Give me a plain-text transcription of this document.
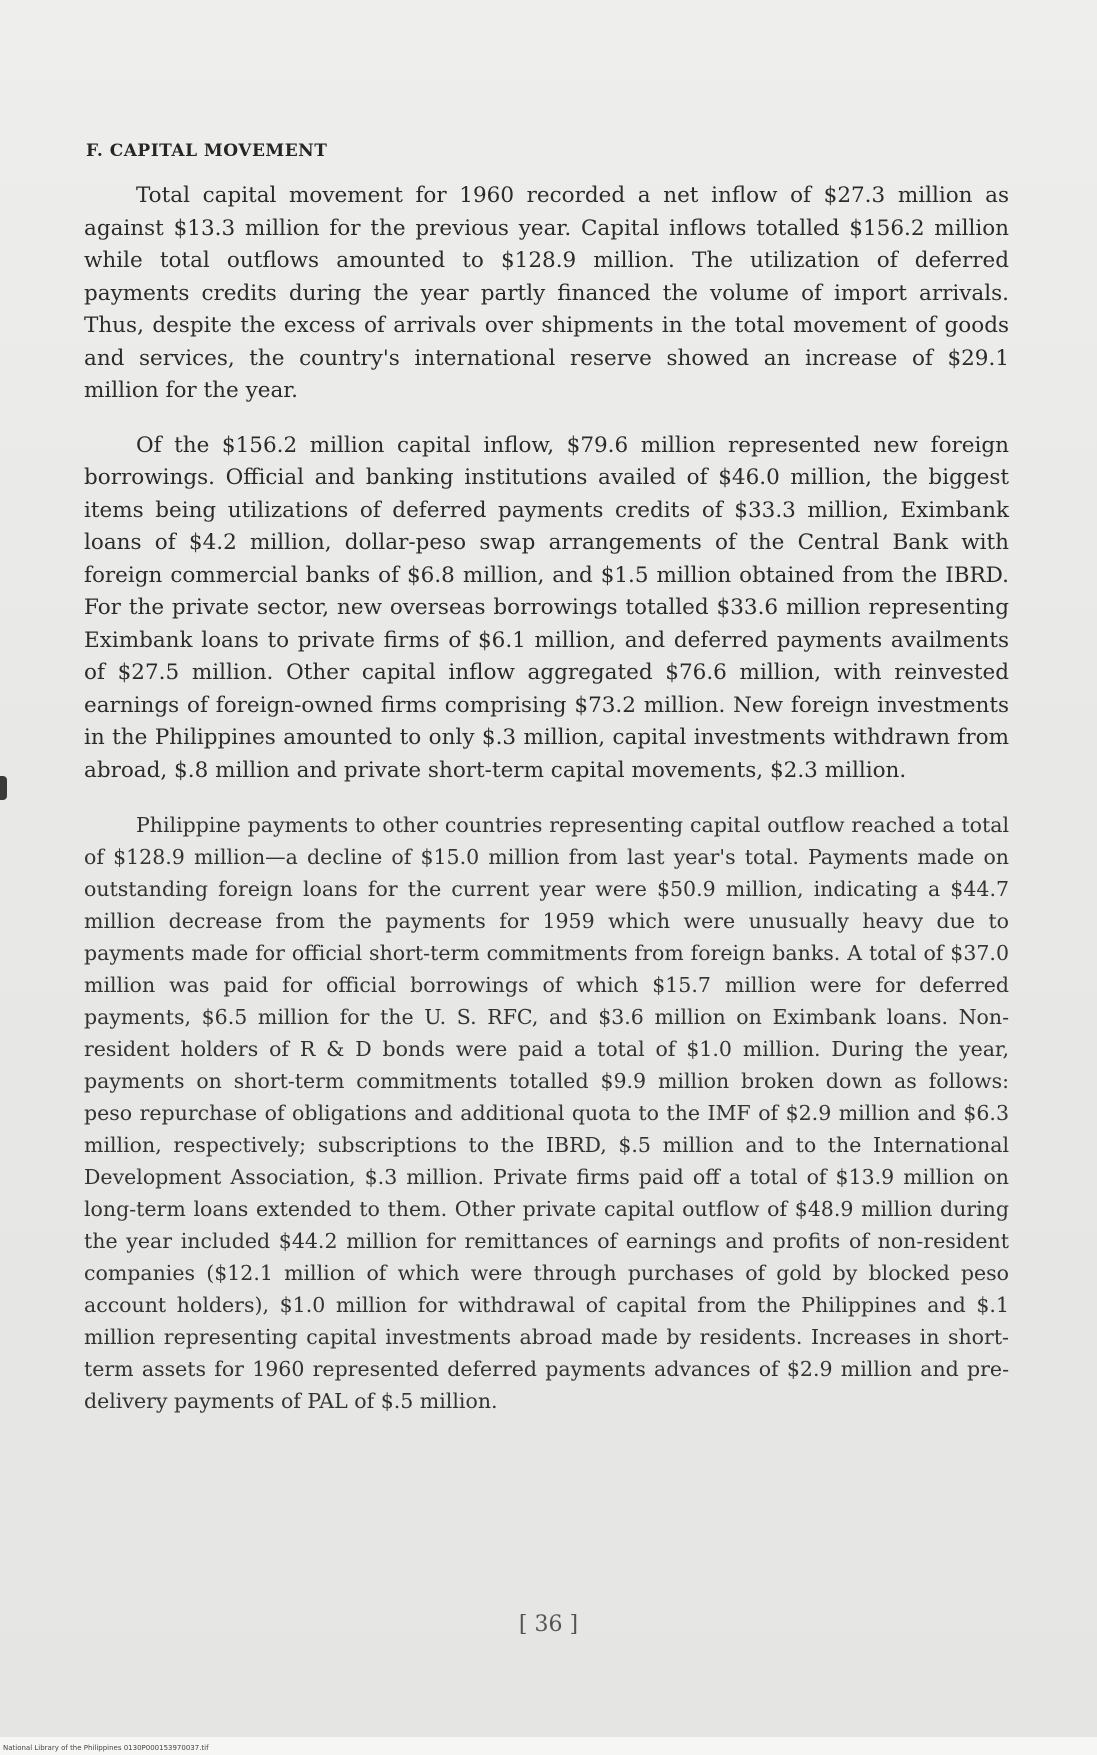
F. CAPITAL MOVEMENT

Total capital movement for 1960 recorded a net inflow of $27.3 million as against $13.3 million for the previous year. Capital inflows totalled $156.2 million while total outflows amounted to $128.9 million. The utilization of deferred payments credits during the year partly financed the volume of import arrivals. Thus, despite the excess of arrivals over shipments in the total movement of goods and services, the country's international reserve showed an increase of $29.1 million for the year.

Of the $156.2 million capital inflow, $79.6 million represented new foreign borrowings. Official and banking institutions availed of $46.0 million, the biggest items being utilizations of deferred payments credits of $33.3 million, Eximbank loans of $4.2 million, dollar-peso swap arrangements of the Central Bank with foreign commercial banks of $6.8 million, and $1.5 million obtained from the IBRD. For the private sector, new overseas borrowings totalled $33.6 million representing Eximbank loans to private firms of $6.1 million, and deferred payments availments of $27.5 million. Other capital inflow aggregated $76.6 million, with reinvested earnings of foreign-owned firms comprising $73.2 million. New foreign investments in the Philippines amounted to only $.3 million, capital investments withdrawn from abroad, $.8 million and private short-term capital movements, $2.3 million.

Philippine payments to other countries representing capital outflow reached a total of $128.9 million—a decline of $15.0 million from last year's total. Payments made on outstanding foreign loans for the current year were $50.9 million, indicating a $44.7 million decrease from the payments for 1959 which were unusually heavy due to payments made for official short-term commitments from foreign banks. A total of $37.0 million was paid for official borrowings of which $15.7 million were for deferred payments, $6.5 million for the U. S. RFC, and $3.6 million on Eximbank loans. Non-resident holders of R & D bonds were paid a total of $1.0 million. During the year, payments on short-term commitments totalled $9.9 million broken down as follows: peso repurchase of obligations and additional quota to the IMF of $2.9 million and $6.3 million, respectively; subscriptions to the IBRD, $.5 million and to the International Development Association, $.3 million. Private firms paid off a total of $13.9 million on long-term loans extended to them. Other private capital outflow of $48.9 million during the year included $44.2 million for remittances of earnings and profits of non-resident companies ($12.1 million of which were through purchases of gold by blocked peso account holders), $1.0 million for withdrawal of capital from the Philippines and $.1 million representing capital investments abroad made by residents. Increases in short-term assets for 1960 represented deferred payments advances of $2.9 million and pre-delivery payments of PAL of $.5 million.

[ 36 ]
National Library of the Philippines 0130P000153970037.tif
